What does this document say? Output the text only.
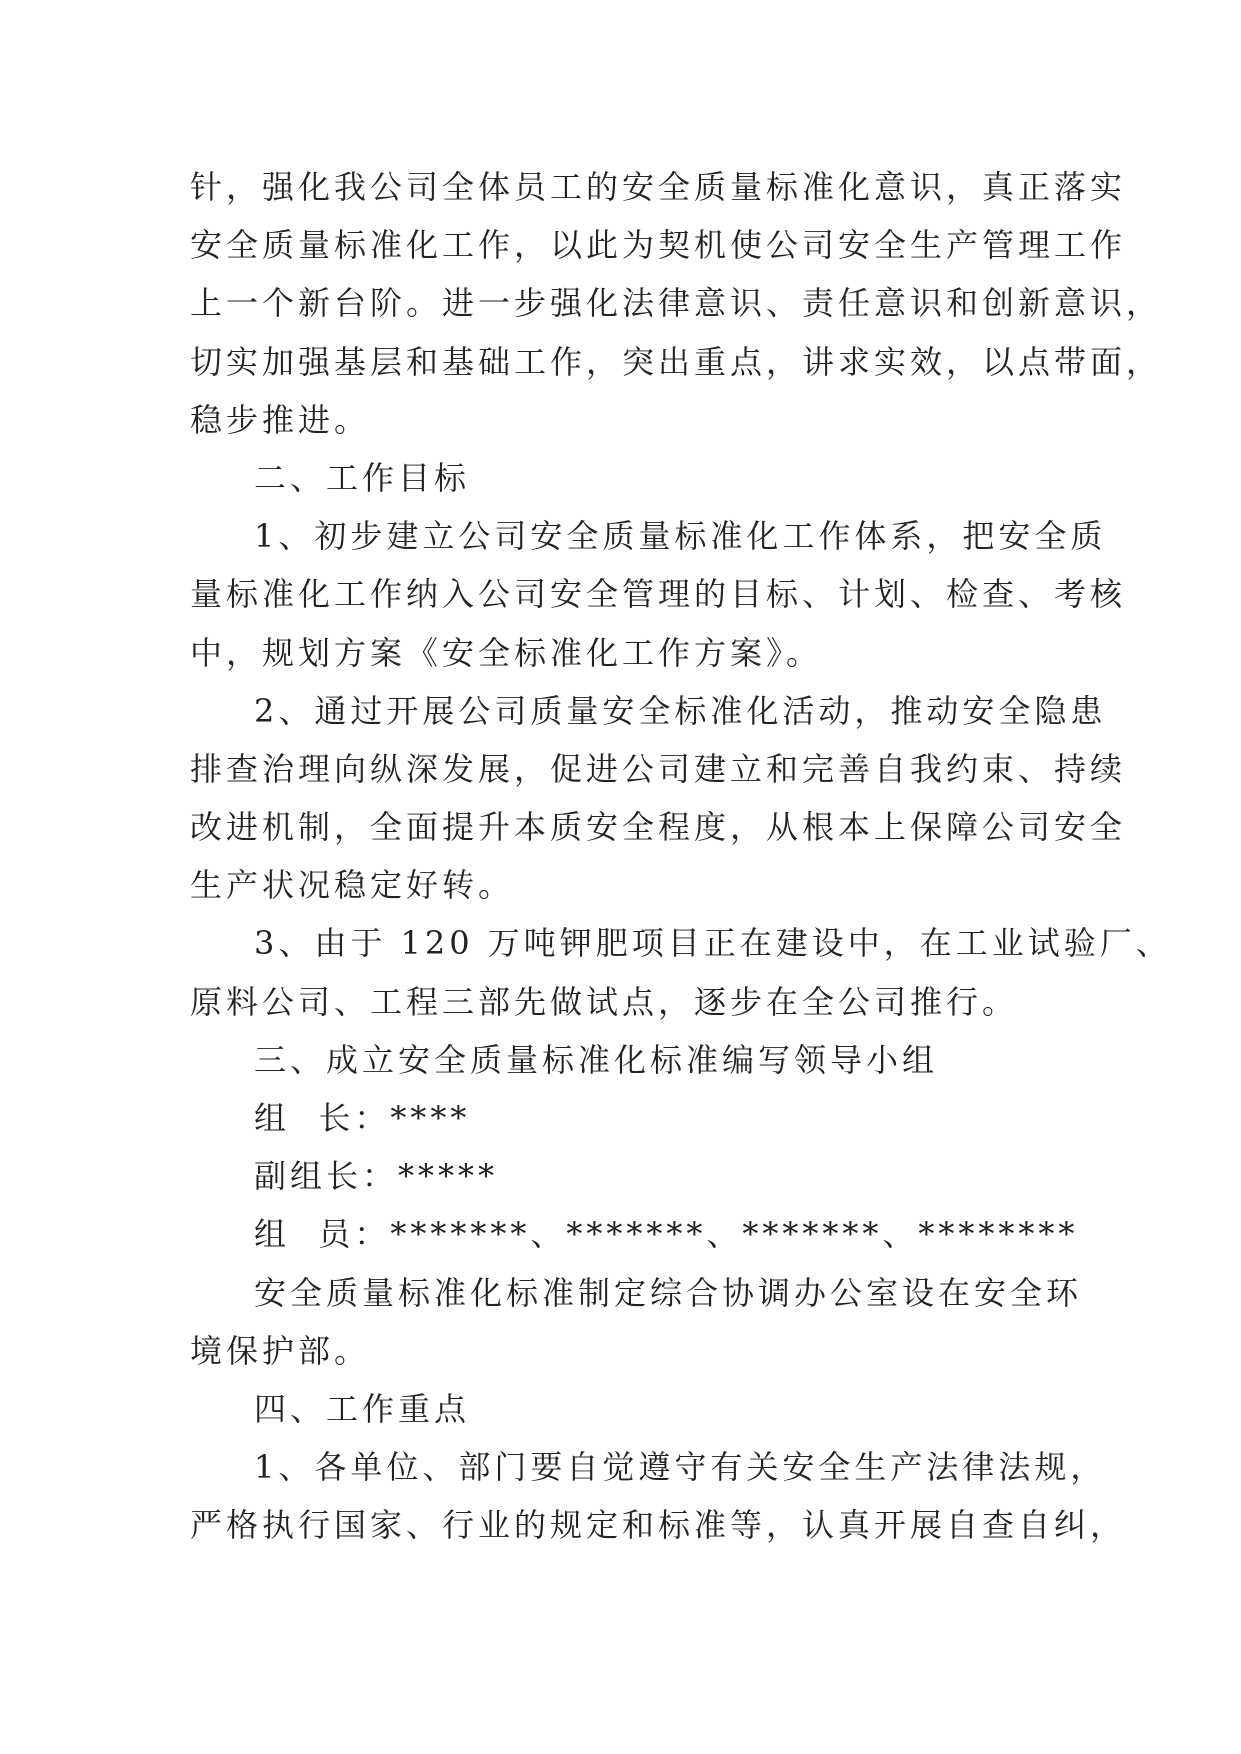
针，强化我公司全体员工的安全质量标准化意识，真正落实

安全质量标准化工作，以此为契机使公司安全生产管理工作

上一个新台阶。进一步强化法律意识、责任意识和创新意识，

切实加强基层和基础工作，突出重点，讲求实效，以点带面，

稳步推进。

二、工作目标

1、初步建立公司安全质量标准化工作体系，把安全质

量标准化工作纳入公司安全管理的目标、计划、检查、考核

中，规划方案《安全标准化工作方案》。

2、通过开展公司质量安全标准化活动，推动安全隐患

排查治理向纵深发展，促进公司建立和完善自我约束、持续

改进机制，全面提升本质安全程度，从根本上保障公司安全

生产状况稳定好转。

3、由于 120 万吨钾肥项目正在建设中，在工业试验厂、

原料公司、工程三部先做试点，逐步在全公司推行。

三、成立安全质量标准化标准编写领导小组

组  长：****

副组长：*****

组  员：*******、*******、*******、********

安全质量标准化标准制定综合协调办公室设在安全环

境保护部。

四、工作重点

1、各单位、部门要自觉遵守有关安全生产法律法规，

严格执行国家、行业的规定和标准等，认真开展自查自纠，
